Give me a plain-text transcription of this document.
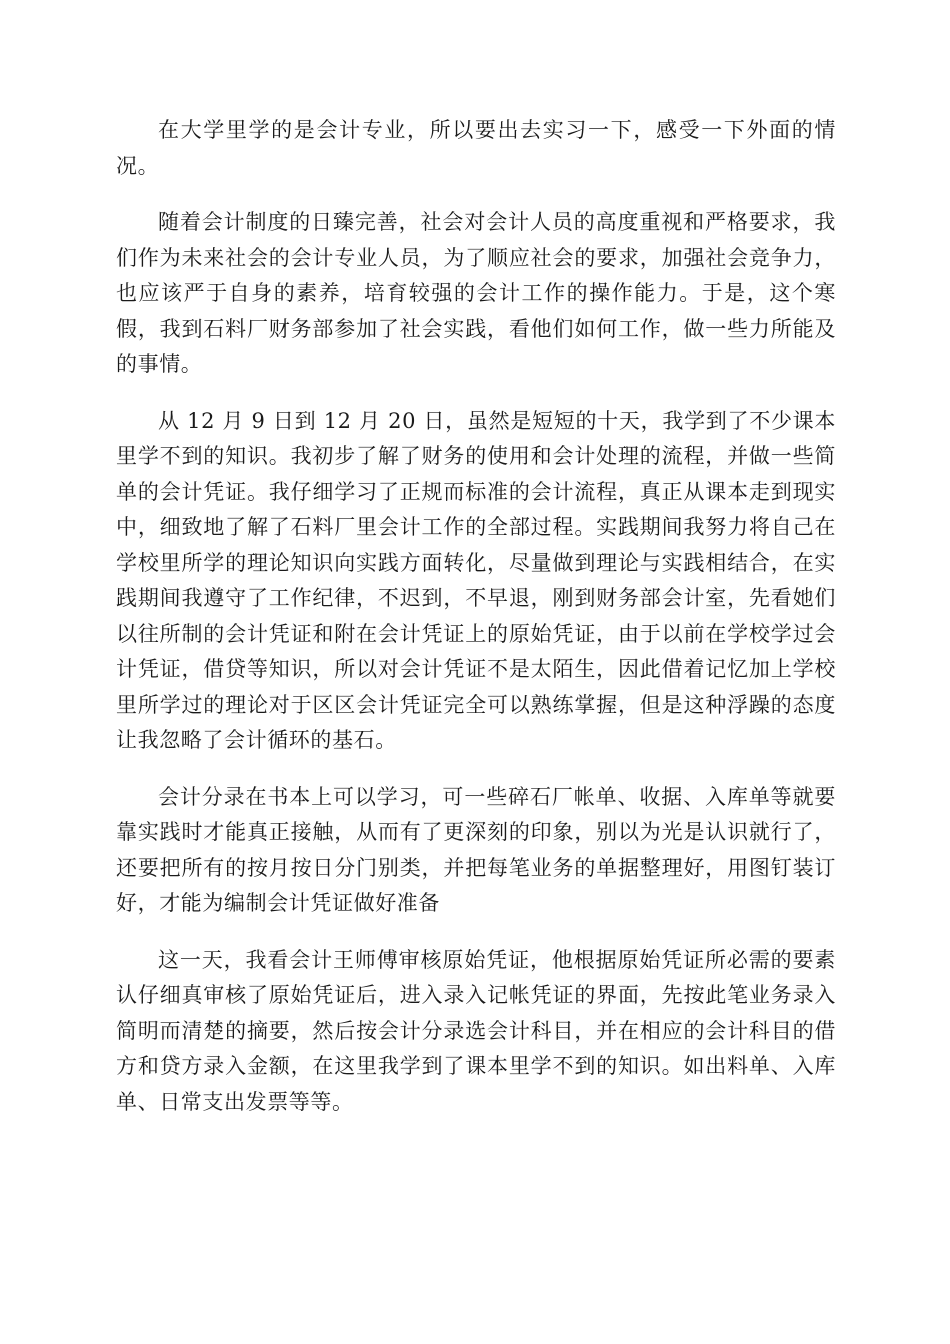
在大学里学的是会计专业，所以要出去实习一下，感受一下外面的情况。

随着会计制度的日臻完善，社会对会计人员的高度重视和严格要求，我们作为未来社会的会计专业人员，为了顺应社会的要求，加强社会竞争力，也应该严于自身的素养，培育较强的会计工作的操作能力。于是，这个寒假，我到石料厂财务部参加了社会实践，看他们如何工作，做一些力所能及的事情。

从 12 月 9 日到 12 月 20 日，虽然是短短的十天，我学到了不少课本里学不到的知识。我初步了解了财务的使用和会计处理的流程，并做一些简单的会计凭证。我仔细学习了正规而标准的会计流程，真正从课本走到现实中，细致地了解了石料厂里会计工作的全部过程。实践期间我努力将自己在学校里所学的理论知识向实践方面转化，尽量做到理论与实践相结合，在实践期间我遵守了工作纪律，不迟到，不早退，刚到财务部会计室，先看她们以往所制的会计凭证和附在会计凭证上的原始凭证，由于以前在学校学过会计凭证，借贷等知识，所以对会计凭证不是太陌生，因此借着记忆加上学校里所学过的理论对于区区会计凭证完全可以熟练掌握，但是这种浮躁的态度让我忽略了会计循环的基石。

会计分录在书本上可以学习，可一些碎石厂帐单、收据、入库单等就要靠实践时才能真正接触，从而有了更深刻的印象，别以为光是认识就行了，还要把所有的按月按日分门别类，并把每笔业务的单据整理好，用图钉装订好，才能为编制会计凭证做好准备

这一天，我看会计王师傅审核原始凭证，他根据原始凭证所必需的要素认仔细真审核了原始凭证后，进入录入记帐凭证的界面，先按此笔业务录入简明而清楚的摘要，然后按会计分录选会计科目，并在相应的会计科目的借方和贷方录入金额，在这里我学到了课本里学不到的知识。如出料单、入库单、日常支出发票等等。
